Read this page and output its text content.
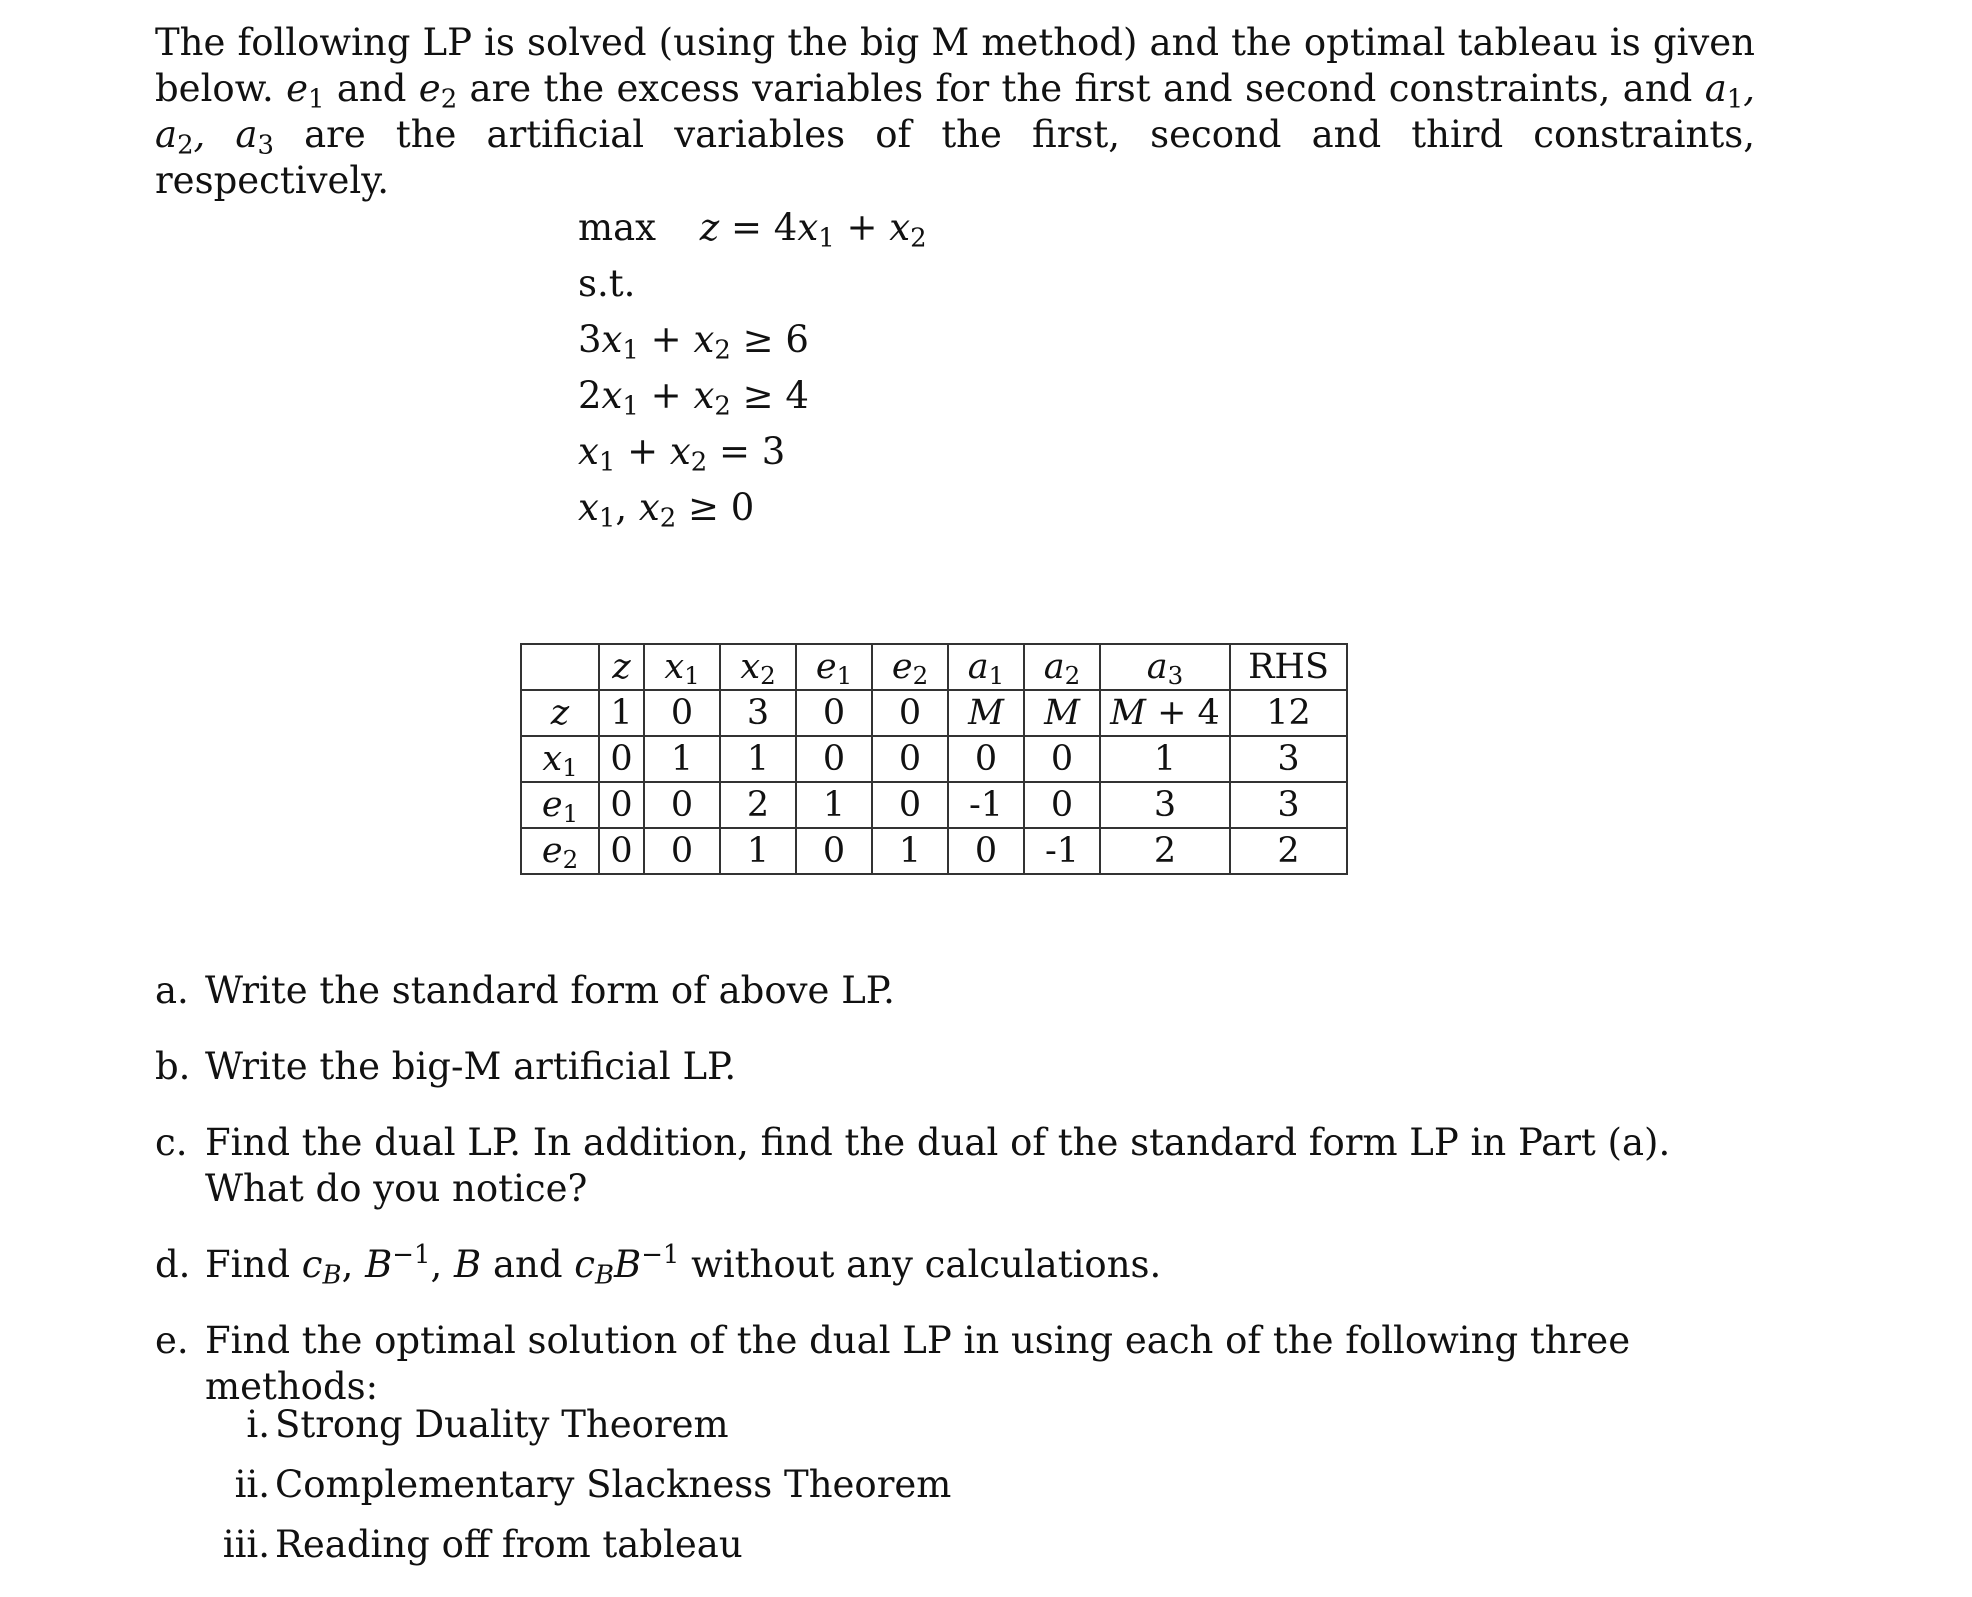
The following LP is solved (using the big M method) and the optimal tableau is given below. $e_1$ and $e_2$ are the excess variables for the first and second constraints, and $a_1$, $a_2$, $a_3$ are the artificial variables of the first, second and third constraints, respectively.
$\max z = 4x_1 + x_2$
s.t.
$3x_1 + x_2 \ge 6$
$2x_1 + x_2 \ge 4$
$x_1 + x_2 = 3$
$x_1$, $x_2 \ge 0$
	z	$x_1$	$x_2$	$e_1$	$e_2$	$a_1$	$a_2$	$a_3$	RHS
z	1	0	3	0	0	M	M	M + 4	12
$x_1$	0	1	1	0	0	0	0	1	3
$e_1$	0	0	2	1	0	-1	0	3	3
$e_2$	0	0	1	0	1	0	-1	2	2
a. Write the standard form of above LP.
b. Write the big-M artificial LP.
c. Find the dual LP. In addition, find the dual of the standard form LP in Part (a). What do you notice?
d. Find $c_B$, $B^{-1}$, B and $c_BB^{-1}$ without any calculations.
e. Find the optimal solution of the dual LP in using each of the following three methods:
i. Strong Duality Theorem
ii. Complementary Slackness Theorem
iii. Reading off from tableau
